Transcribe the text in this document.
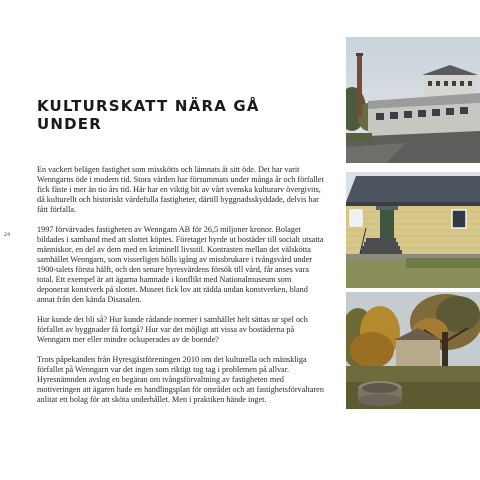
24
KULTURSKATT NÄRA GÅ UNDER

En vackert belägen fastighet som misskötts och lämnats åt sitt öde. Det har varit Wenngarns öde i modern tid. Stora värden har försummats under många år och förfallet fick fäste i mer än tio års tid. Här har en viktig bit av vårt svenska kulturarv övergivits, då kulturellt och historiskt värdefulla fastigheter, därtill byggnadsskyddade, delvis har fått förfalla.

1997 förvärvades fastigheten av Wenngarn AB för 26,5 miljoner kronor. Bolaget bildades i samband med att slottet köptes. Företaget hyrde ut bostäder till socialt utsatta människor, en del av dem med en kriminell livsstil. Kontrasten mellan det välskötta samhället Wenngarn, som visserligen hölls igång av missbrukare i tvångsvård under 1900-talets första hälft, och den senare hyresvärdens försök till vård, får anses vara total. Ett exempel är att ägarna hamnade i konflikt med Nationalmuseum som deponerat konstverk på slottet. Museet fick lov att rädda undan konstverken, bland annat från den kända Disasalen.

Hur kunde det bli så? Hur kunde rådande normer i samhället helt sättas ur spel och förfallet av byggnader få fortgå? Hur var det möjligt att vissa av bostäderna på Wenngarn mer eller mindre ockuperades av de boende?

Trots påpekanden från Hyresgästföreningen 2010 om det kulturella och mänskliga förfallet på Wenngarn var det ingen som riktigt tog tag i problemen på allvar. Hyresnämnden avslog en begäran om tvångsförvaltning av fastigheten med motiveringen att ägaren hade en handlingsplan för området och att fastighetsförvaltaren anlitat ett bolag för att sköta underhållet. Men i praktiken hände inget.
